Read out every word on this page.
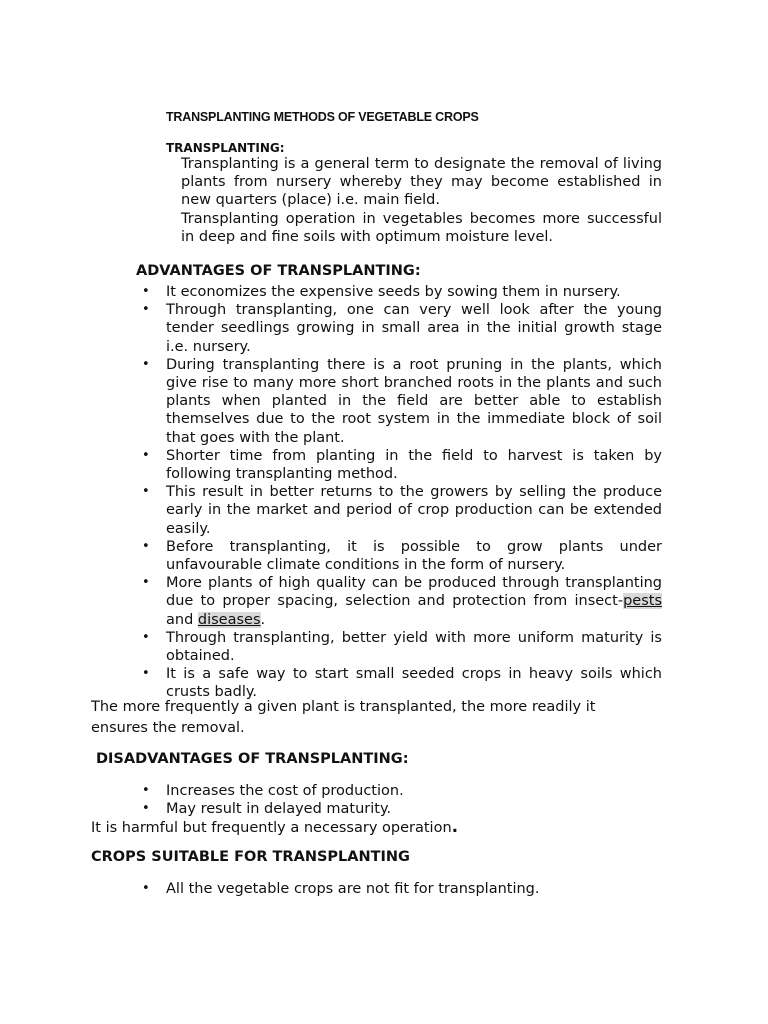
TRANSPLANTING METHODS OF VEGETABLE CROPS
TRANSPLANTING:

Transplanting is a general term to designate the removal of living plants from nursery whereby they may become established in new quarters (place) i.e. main field.

Transplanting operation in vegetables becomes more successful in deep and fine soils with optimum moisture level.

ADVANTAGES OF TRANSPLANTING:
• It economizes the expensive seeds by sowing them in nursery.
• Through transplanting, one can very well look after the young tender seedlings growing in small area in the initial growth stage i.e. nursery.
• During transplanting there is a root pruning in the plants, which give rise to many more short branched roots in the plants and such plants when planted in the field are better able to establish themselves due to the root system in the immediate block of soil that goes with the plant.
• Shorter time from planting in the field to harvest is taken by following transplanting method.
• This result in better returns to the growers by selling the produce early in the market and period of crop production can be extended easily.
• Before transplanting, it is possible to grow plants under unfavourable climate conditions in the form of nursery.
• More plants of high quality can be produced through transplanting due to proper spacing, selection and protection from insect-pests and diseases.
• Through transplanting, better yield with more uniform maturity is obtained.
• It is a safe way to start small seeded crops in heavy soils which crusts badly.

The more frequently a given plant is transplanted, the more readily it ensures the removal.

DISADVANTAGES OF TRANSPLANTING:
• Increases the cost of production.
• May result in delayed maturity.

It is harmful but frequently a necessary operation.

CROPS SUITABLE FOR TRANSPLANTING
• All the vegetable crops are not fit for transplanting.
